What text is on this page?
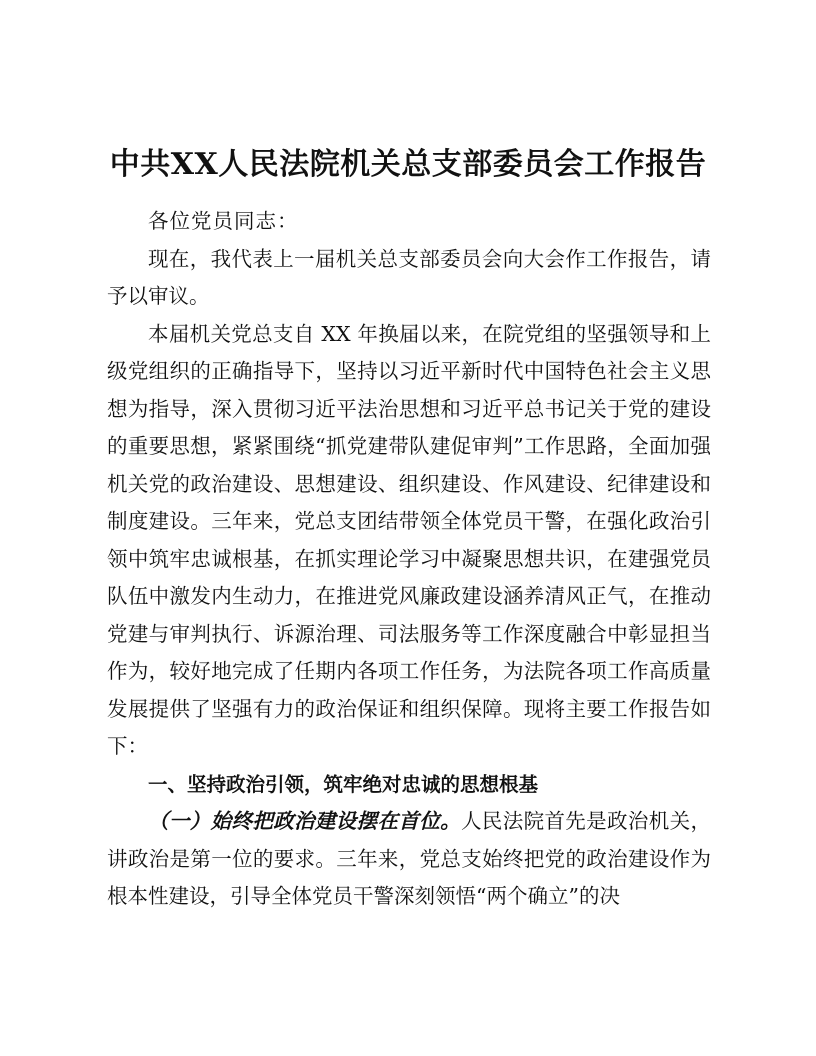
中共XX人民法院机关总支部委员会工作报告

各位党员同志：

现在，我代表上一届机关总支部委员会向大会作工作报告，请予以审议。

本届机关党总支自 XX 年换届以来，在院党组的坚强领导和上级党组织的正确指导下，坚持以习近平新时代中国特色社会主义思想为指导，深入贯彻习近平法治思想和习近平总书记关于党的建设的重要思想，紧紧围绕“抓党建带队建促审判”工作思路，全面加强机关党的政治建设、思想建设、组织建设、作风建设、纪律建设和制度建设。三年来，党总支团结带领全体党员干警，在强化政治引领中筑牢忠诚根基，在抓实理论学习中凝聚思想共识，在建强党员队伍中激发内生动力，在推进党风廉政建设涵养清风正气，在推动党建与审判执行、诉源治理、司法服务等工作深度融合中彰显担当作为，较好地完成了任期内各项工作任务，为法院各项工作高质量发展提供了坚强有力的政治保证和组织保障。现将主要工作报告如下：

一、坚持政治引领，筑牢绝对忠诚的思想根基

（一）始终把政治建设摆在首位。人民法院首先是政治机关，讲政治是第一位的要求。三年来，党总支始终把党的政治建设作为根本性建设，引导全体党员干警深刻领悟“两个确立”的决
